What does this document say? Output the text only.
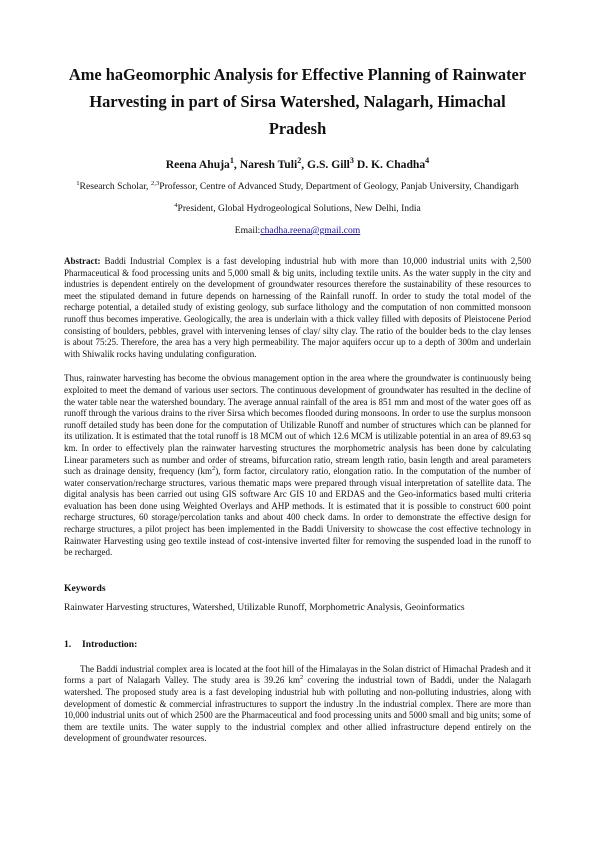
Ame haGeomorphic Analysis for Effective Planning of Rainwater Harvesting in part of Sirsa Watershed, Nalagarh, Himachal Pradesh
Reena Ahuja$^1$, Naresh Tuli$^2$, G.S. Gill$^3$ D. K. Chadha$^4$
$^1$Research Scholar, $^{2,3}$Professor, Centre of Advanced Study, Department of Geology, Panjab University, Chandigarh
$^4$President, Global Hydrogeological Solutions, New Delhi, India
Email:chadha.reena@gmail.com

Abstract: Baddi Industrial Complex is a fast developing industrial hub with more than 10,000 industrial units with 2,500 Pharmaceutical & food processing units and 5,000 small & big units, including textile units. As the water supply in the city and industries is dependent entirely on the development of groundwater resources therefore the sustainability of these resources to meet the stipulated demand in future depends on harnessing of the Rainfall runoff. In order to study the total model of the recharge potential, a detailed study of existing geology, sub surface lithology and the computation of non committed monsoon runoff thus becomes imperative. Geologically, the area is underlain with a thick valley filled with deposits of Pleistocene Period consisting of boulders, pebbles, gravel with intervening lenses of clay/ silty clay. The ratio of the boulder beds to the clay lenses is about 75:25. Therefore, the area has a very high permeability. The major aquifers occur up to a depth of 300m and underlain with Shiwalik rocks having undulating configuration.

Thus, rainwater harvesting has become the obvious management option in the area where the groundwater is continuously being exploited to meet the demand of various user sectors. The continuous development of groundwater has resulted in the decline of the water table near the watershed boundary. The average annual rainfall of the area is 851 mm and most of the water goes off as runoff through the various drains to the river Sirsa which becomes flooded during monsoons. In order to use the surplus monsoon runoff detailed study has been done for the computation of Utilizable Runoff and number of structures which can be planned for its utilization. It is estimated that the total runoff is 18 MCM out of which 12.6 MCM is utilizable potential in an area of 89.63 sq km. In order to effectively plan the rainwater harvesting structures the morphometric analysis has been done by calculating Linear parameters such as number and order of streams, bifurcation ratio, stream length ratio, basin length and areal parameters such as drainage density, frequency $(km^2)$, form factor, circulatory ratio, elongation ratio. In the computation of the number of water conservation/recharge structures, various thematic maps were prepared through visual interpretation of satellite data. The digital analysis has been carried out using GIS software Arc GIS 10 and ERDAS and the Geo-informatics based multi criteria evaluation has been done using Weighted Overlays and AHP methods. It is estimated that it is possible to construct 600 point recharge structures, 60 storage/percolation tanks and about 400 check dams. In order to demonstrate the effective design for recharge structures, a pilot project has been implemented in the Baddi University to showcase the cost effective technology in Rainwater Harvesting using geo textile instead of cost-intensive inverted filter for removing the suspended load in the runoff to be recharged.

Keywords
Rainwater Harvesting structures, Watershed, Utilizable Runoff, Morphometric Analysis, Geoinformatics
1.	Introduction:

The Baddi industrial complex area is located at the foot hill of the Himalayas in the Solan district of Himachal Pradesh and it forms a part of Nalagarh Valley. The study area is 39.26 $km^2$ covering the industrial town of Baddi, under the Nalagarh watershed. The proposed study area is a fast developing industrial hub with polluting and non-polluting industries, along with development of domestic & commercial infrastructures to support the industry .In the industrial complex. There are more than 10,000 industrial units out of which 2500 are the Pharmaceutical and food processing units and 5000 small and big units; some of them are textile units. The water supply to the industrial complex and other allied infrastructure depend entirely on the development of groundwater resources.
